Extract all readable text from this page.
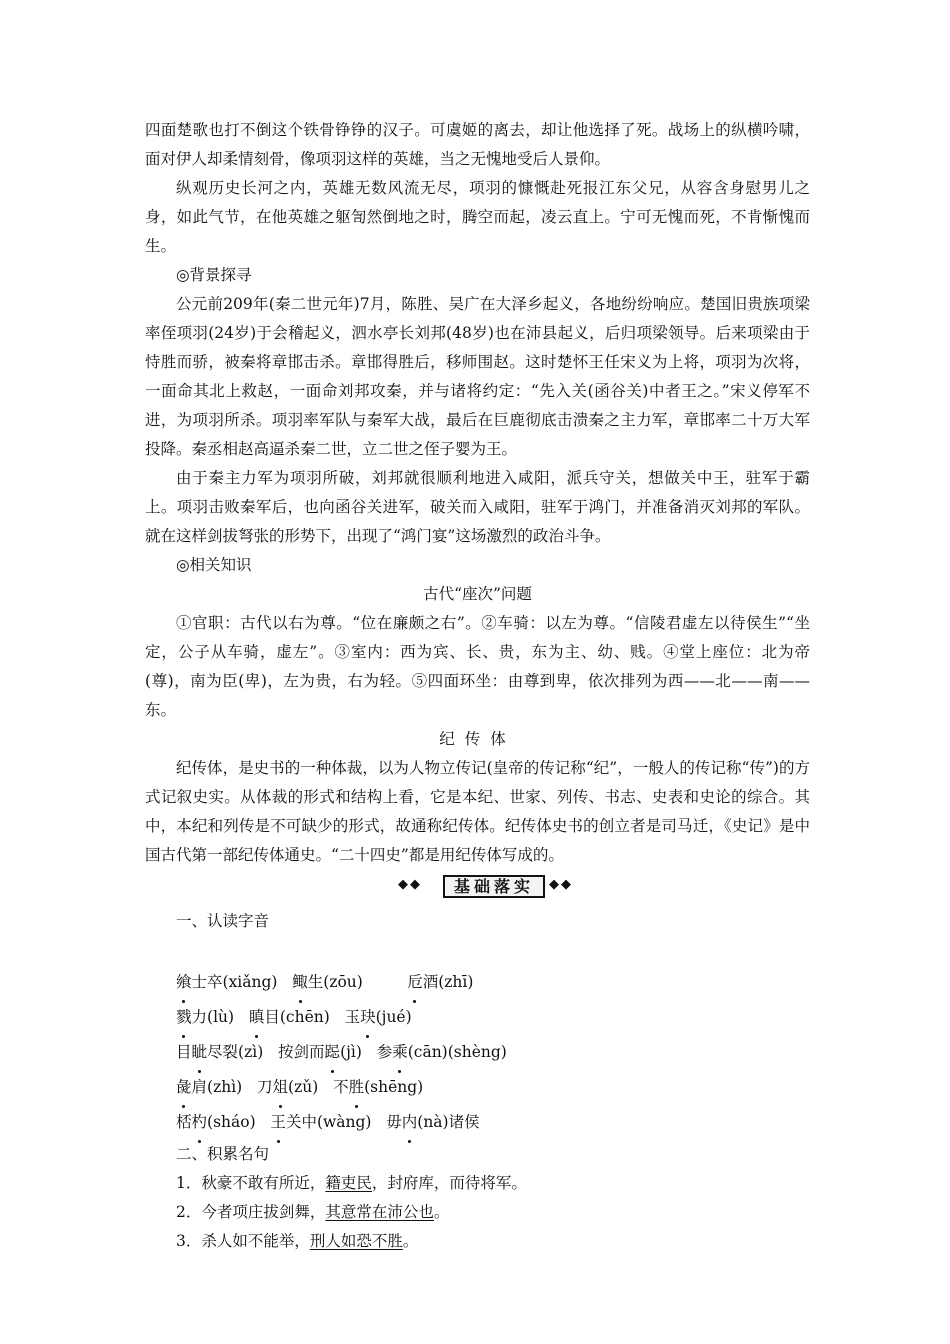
四面楚歌也打不倒这个铁骨铮铮的汉子。可虞姬的离去，却让他选择了死。战场上的纵横吟啸，面对伊人却柔情刻骨，像项羽这样的英雄，当之无愧地受后人景仰。

纵观历史长河之内，英雄无数风流无尽，项羽的慷慨赴死报江东父兄，从容含身慰男儿之身，如此气节，在他英雄之躯訇然倒地之时，腾空而起，凌云直上。宁可无愧而死，不肯惭愧而生。

◎背景探寻

公元前209年(秦二世元年)7月，陈胜、吴广在大泽乡起义，各地纷纷响应。楚国旧贵族项梁率侄项羽(24岁)于会稽起义，泗水亭长刘邦(48岁)也在沛县起义，后归项梁领导。后来项梁由于恃胜而骄，被秦将章邯击杀。章邯得胜后，移师围赵。这时楚怀王任宋义为上将，项羽为次将，一面命其北上救赵，一面命刘邦攻秦，并与诸将约定：“先入关(函谷关)中者王之。”宋义停军不进，为项羽所杀。项羽率军队与秦军大战，最后在巨鹿彻底击溃秦之主力军，章邯率二十万大军投降。秦丞相赵高逼杀秦二世，立二世之侄子婴为王。

由于秦主力军为项羽所破，刘邦就很顺利地进入咸阳，派兵守关，想做关中王，驻军于霸上。项羽击败秦军后，也向函谷关进军，破关而入咸阳，驻军于鸿门，并准备消灭刘邦的军队。就在这样剑拔弩张的形势下，出现了“鸿门宴”这场激烈的政治斗争。

◎相关知识

古代“座次”问题

①官职：古代以右为尊。“位在廉颇之右”。②车骑：以左为尊。“信陵君虚左以待侯生”“坐定，公子从车骑，虚左”。③室内：西为宾、长、贵，东为主、幼、贱。④堂上座位：北为帝(尊)，南为臣(卑)，左为贵，右为轻。⑤四面环坐：由尊到卑，依次排列为西——北——南——东。

纪传体

纪传体，是史书的一种体裁，以为人物立传记(皇帝的传记称“纪”，一般人的传记称“传”)的方式记叙史实。从体裁的形式和结构上看，它是本纪、世家、列传、书志、史表和史论的综合。其中，本纪和列传是不可缺少的形式，故通称纪传体。纪传体史书的创立者是司马迁，《史记》是中国古代第一部纪传体通史。“二十四史”都是用纪传体写成的。

◆◆	基础落实	◆◆

一、认读字音

飨士卒(xiǎng) 鲰生(zōu)	卮酒(zhī)

戮力(lù) 瞋目(chēn) 玉玦(jué)

目眦尽裂(zì) 按剑而跽(jì) 参乘(cān)(shèng)

彘肩(zhì) 刀俎(zǔ) 不胜(shēng)

桮杓(sháo) 王关中(wàng) 毋内(nà)诸侯

二、积累名句

1．秋豪不敢有所近，籍吏民，封府库，而待将军。

2．今者项庄拔剑舞，其意常在沛公也。

3．杀人如不能举，刑人如恐不胜。
